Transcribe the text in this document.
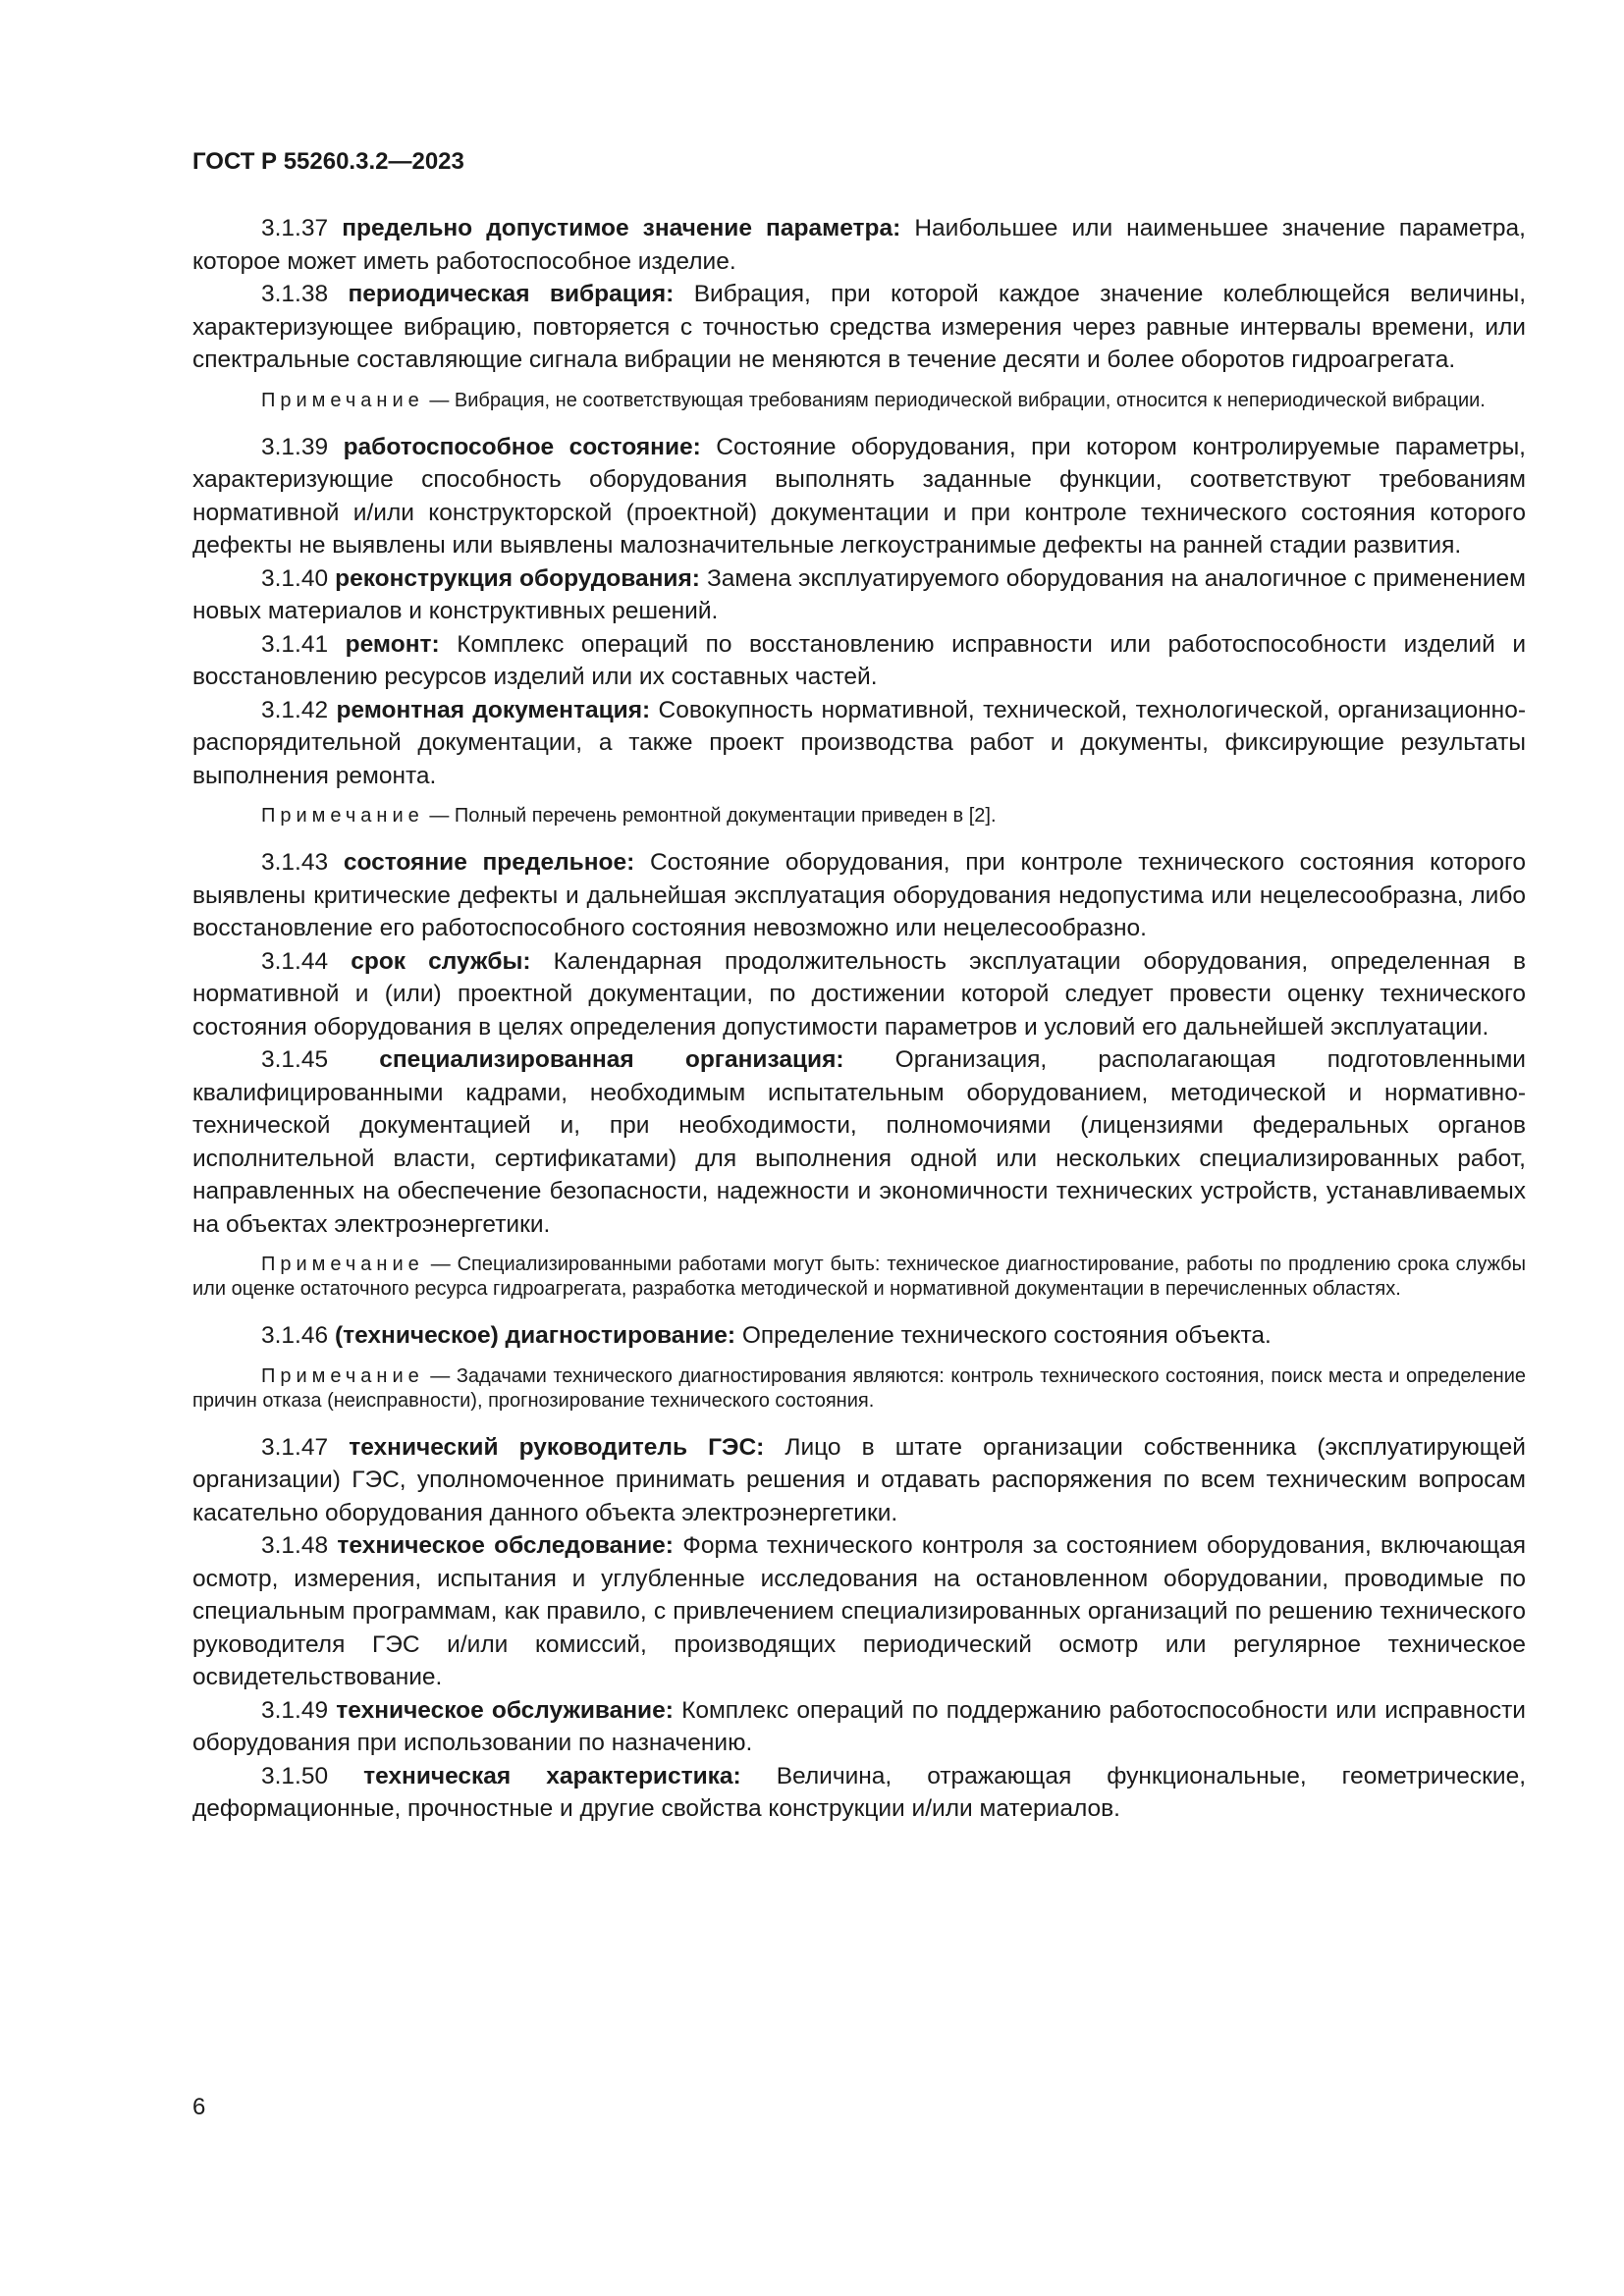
ГОСТ Р 55260.3.2—2023
3.1.37 предельно допустимое значение параметра: Наибольшее или наименьшее значение параметра, которое может иметь работоспособное изделие.
3.1.38 периодическая вибрация: Вибрация, при которой каждое значение колеблющейся величины, характеризующее вибрацию, повторяется с точностью средства измерения через равные интервалы времени, или спектральные составляющие сигнала вибрации не меняются в течение десяти и более оборотов гидроагрегата.
Примечание — Вибрация, не соответствующая требованиям периодической вибрации, относится к непериодической вибрации.
3.1.39 работоспособное состояние: Состояние оборудования, при котором контролируемые параметры, характеризующие способность оборудования выполнять заданные функции, соответствуют требованиям нормативной и/или конструкторской (проектной) документации и при контроле технического состояния которого дефекты не выявлены или выявлены малозначительные легкоустранимые дефекты на ранней стадии развития.
3.1.40 реконструкция оборудования: Замена эксплуатируемого оборудования на аналогичное с применением новых материалов и конструктивных решений.
3.1.41 ремонт: Комплекс операций по восстановлению исправности или работоспособности изделий и восстановлению ресурсов изделий или их составных частей.
3.1.42 ремонтная документация: Совокупность нормативной, технической, технологической, организационно-распорядительной документации, а также проект производства работ и документы, фиксирующие результаты выполнения ремонта.
Примечание — Полный перечень ремонтной документации приведен в [2].
3.1.43 состояние предельное: Состояние оборудования, при контроле технического состояния которого выявлены критические дефекты и дальнейшая эксплуатация оборудования недопустима или нецелесообразна, либо восстановление его работоспособного состояния невозможно или нецелесообразно.
3.1.44 срок службы: Календарная продолжительность эксплуатации оборудования, определенная в нормативной и (или) проектной документации, по достижении которой следует провести оценку технического состояния оборудования в целях определения допустимости параметров и условий его дальнейшей эксплуатации.
3.1.45 специализированная организация: Организация, располагающая подготовленными квалифицированными кадрами, необходимым испытательным оборудованием, методической и нормативно-технической документацией и, при необходимости, полномочиями (лицензиями федеральных органов исполнительной власти, сертификатами) для выполнения одной или нескольких специализированных работ, направленных на обеспечение безопасности, надежности и экономичности технических устройств, устанавливаемых на объектах электроэнергетики.
Примечание — Специализированными работами могут быть: техническое диагностирование, работы по продлению срока службы или оценке остаточного ресурса гидроагрегата, разработка методической и нормативной документации в перечисленных областях.
3.1.46 (техническое) диагностирование: Определение технического состояния объекта.
Примечание — Задачами технического диагностирования являются: контроль технического состояния, поиск места и определение причин отказа (неисправности), прогнозирование технического состояния.
3.1.47 технический руководитель ГЭС: Лицо в штате организации собственника (эксплуатирующей организации) ГЭС, уполномоченное принимать решения и отдавать распоряжения по всем техническим вопросам касательно оборудования данного объекта электроэнергетики.
3.1.48 техническое обследование: Форма технического контроля за состоянием оборудования, включающая осмотр, измерения, испытания и углубленные исследования на остановленном оборудовании, проводимые по специальным программам, как правило, с привлечением специализированных организаций по решению технического руководителя ГЭС и/или комиссий, производящих периодический осмотр или регулярное техническое освидетельствование.
3.1.49 техническое обслуживание: Комплекс операций по поддержанию работоспособности или исправности оборудования при использовании по назначению.
3.1.50 техническая характеристика: Величина, отражающая функциональные, геометрические, деформационные, прочностные и другие свойства конструкции и/или материалов.
6
